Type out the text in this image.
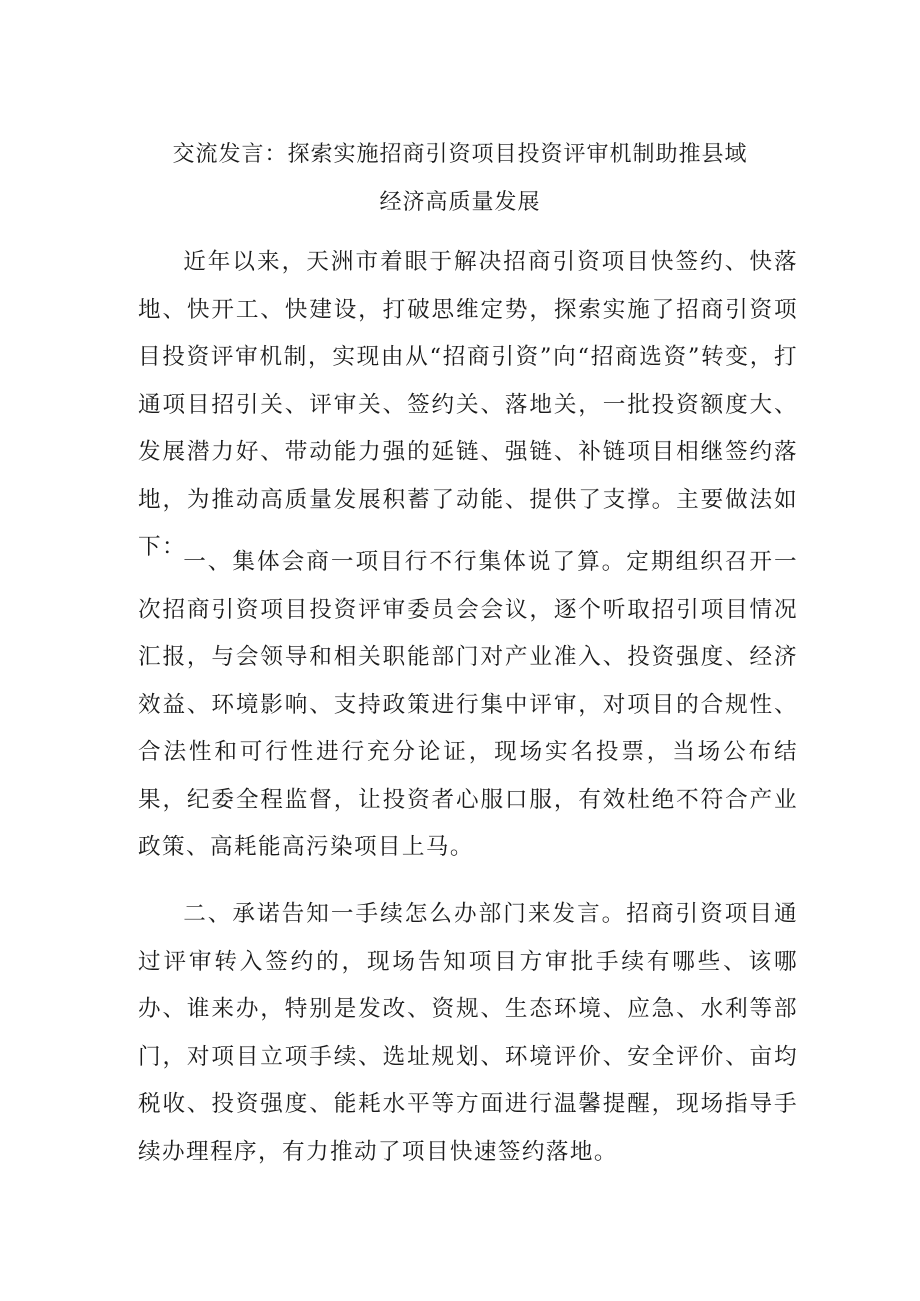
交流发言：探索实施招商引资项目投资评审机制助推县域
经济高质量发展

近年以来，天洲市着眼于解决招商引资项目快签约、快落地、快开工、快建设，打破思维定势，探索实施了招商引资项目投资评审机制，实现由从“招商引资”向“招商选资”转变，打通项目招引关、评审关、签约关、落地关，一批投资额度大、发展潜力好、带动能力强的延链、强链、补链项目相继签约落地，为推动高质量发展积蓄了动能、提供了支撑。主要做法如下：

一、集体会商一项目行不行集体说了算。定期组织召开一次招商引资项目投资评审委员会会议，逐个听取招引项目情况汇报，与会领导和相关职能部门对产业准入、投资强度、经济效益、环境影响、支持政策进行集中评审，对项目的合规性、合法性和可行性进行充分论证，现场实名投票，当场公布结果，纪委全程监督，让投资者心服口服，有效杜绝不符合产业政策、高耗能高污染项目上马。

二、承诺告知一手续怎么办部门来发言。招商引资项目通过评审转入签约的，现场告知项目方审批手续有哪些、该哪办、谁来办，特别是发改、资规、生态环境、应急、水利等部门，对项目立项手续、选址规划、环境评价、安全评价、亩均税收、投资强度、能耗水平等方面进行温馨提醒，现场指导手续办理程序，有力推动了项目快速签约落地。
